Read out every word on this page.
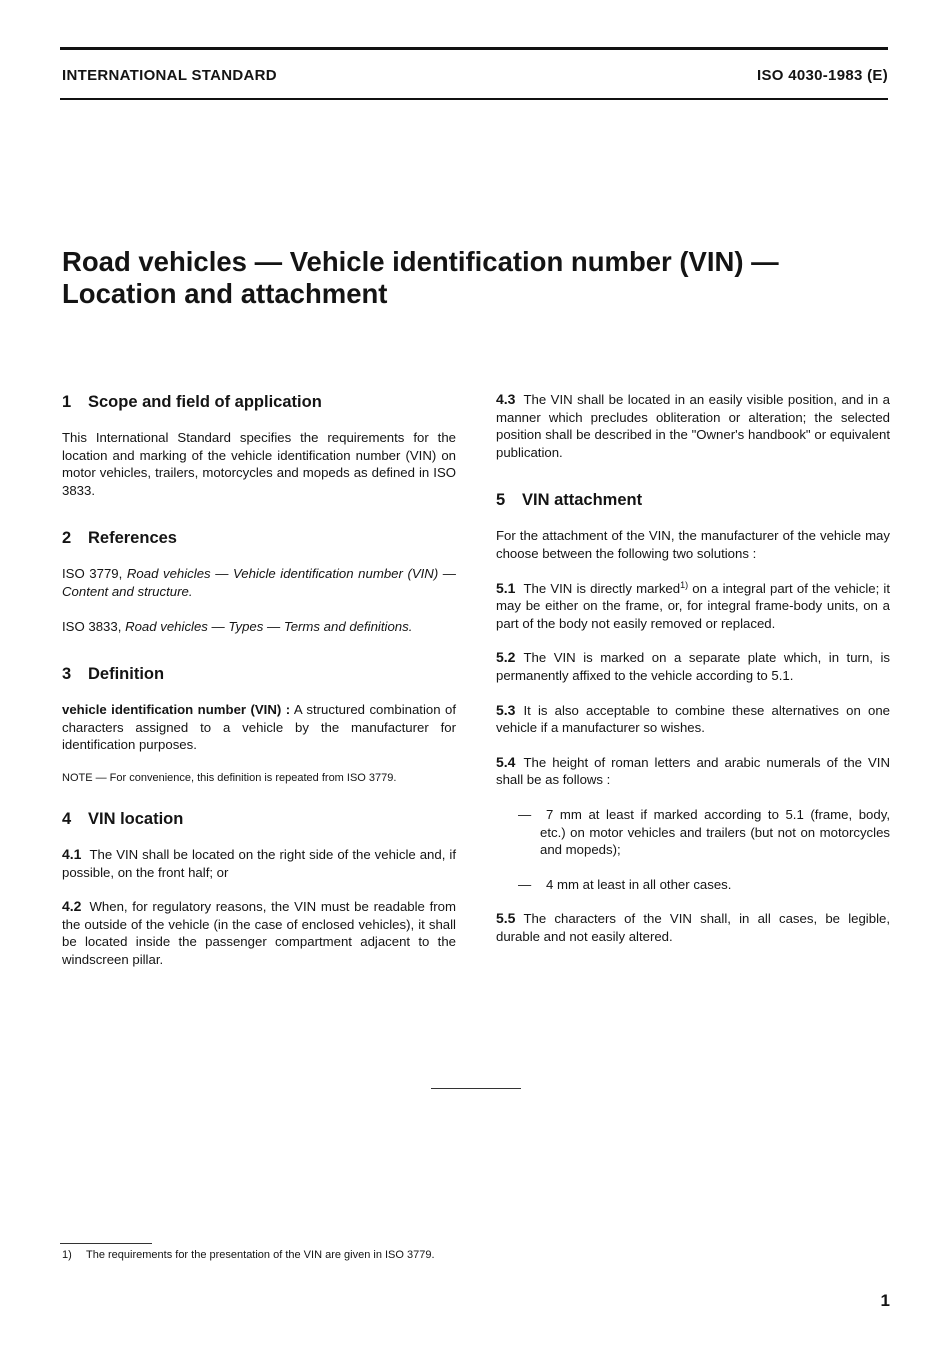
INTERNATIONAL STANDARD	ISO 4030-1983 (E)
Road vehicles — Vehicle identification number (VIN) —
Location and attachment
1 Scope and field of application

This International Standard specifies the requirements for the location and marking of the vehicle identification number (VIN) on motor vehicles, trailers, motorcycles and mopeds as defined in ISO 3833.

2 References

ISO 3779, Road vehicles — Vehicle identification number (VIN) — Content and structure.

ISO 3833, Road vehicles — Types — Terms and definitions.

3 Definition

vehicle identification number (VIN) : A structured combination of characters assigned to a vehicle by the manufacturer for identification purposes.

NOTE — For convenience, this definition is repeated from ISO 3779.

4 VIN location

4.1 The VIN shall be located on the right side of the vehicle and, if possible, on the front half; or

4.2 When, for regulatory reasons, the VIN must be readable from the outside of the vehicle (in the case of enclosed vehicles), it shall be located inside the passenger compartment adjacent to the windscreen pillar.

4.3 The VIN shall be located in an easily visible position, and in a manner which precludes obliteration or alteration; the selected position shall be described in the "Owner's handbook" or equivalent publication.

5 VIN attachment

For the attachment of the VIN, the manufacturer of the vehicle may choose between the following two solutions :

5.1 The VIN is directly marked$^{1)}$ on a integral part of the vehicle; it may be either on the frame, or, for integral frame-body units, on a part of the body not easily removed or replaced.

5.2 The VIN is marked on a separate plate which, in turn, is permanently affixed to the vehicle according to 5.1.

5.3 It is also acceptable to combine these alternatives on one vehicle if a manufacturer so wishes.

5.4 The height of roman letters and arabic numerals of the VIN shall be as follows :

— 7 mm at least if marked according to 5.1 (frame, body, etc.) on motor vehicles and trailers (but not on motorcycles and mopeds);

— 4 mm at least in all other cases.

5.5 The characters of the VIN shall, in all cases, be legible, durable and not easily altered.

1) The requirements for the presentation of the VIN are given in ISO 3779.
1
